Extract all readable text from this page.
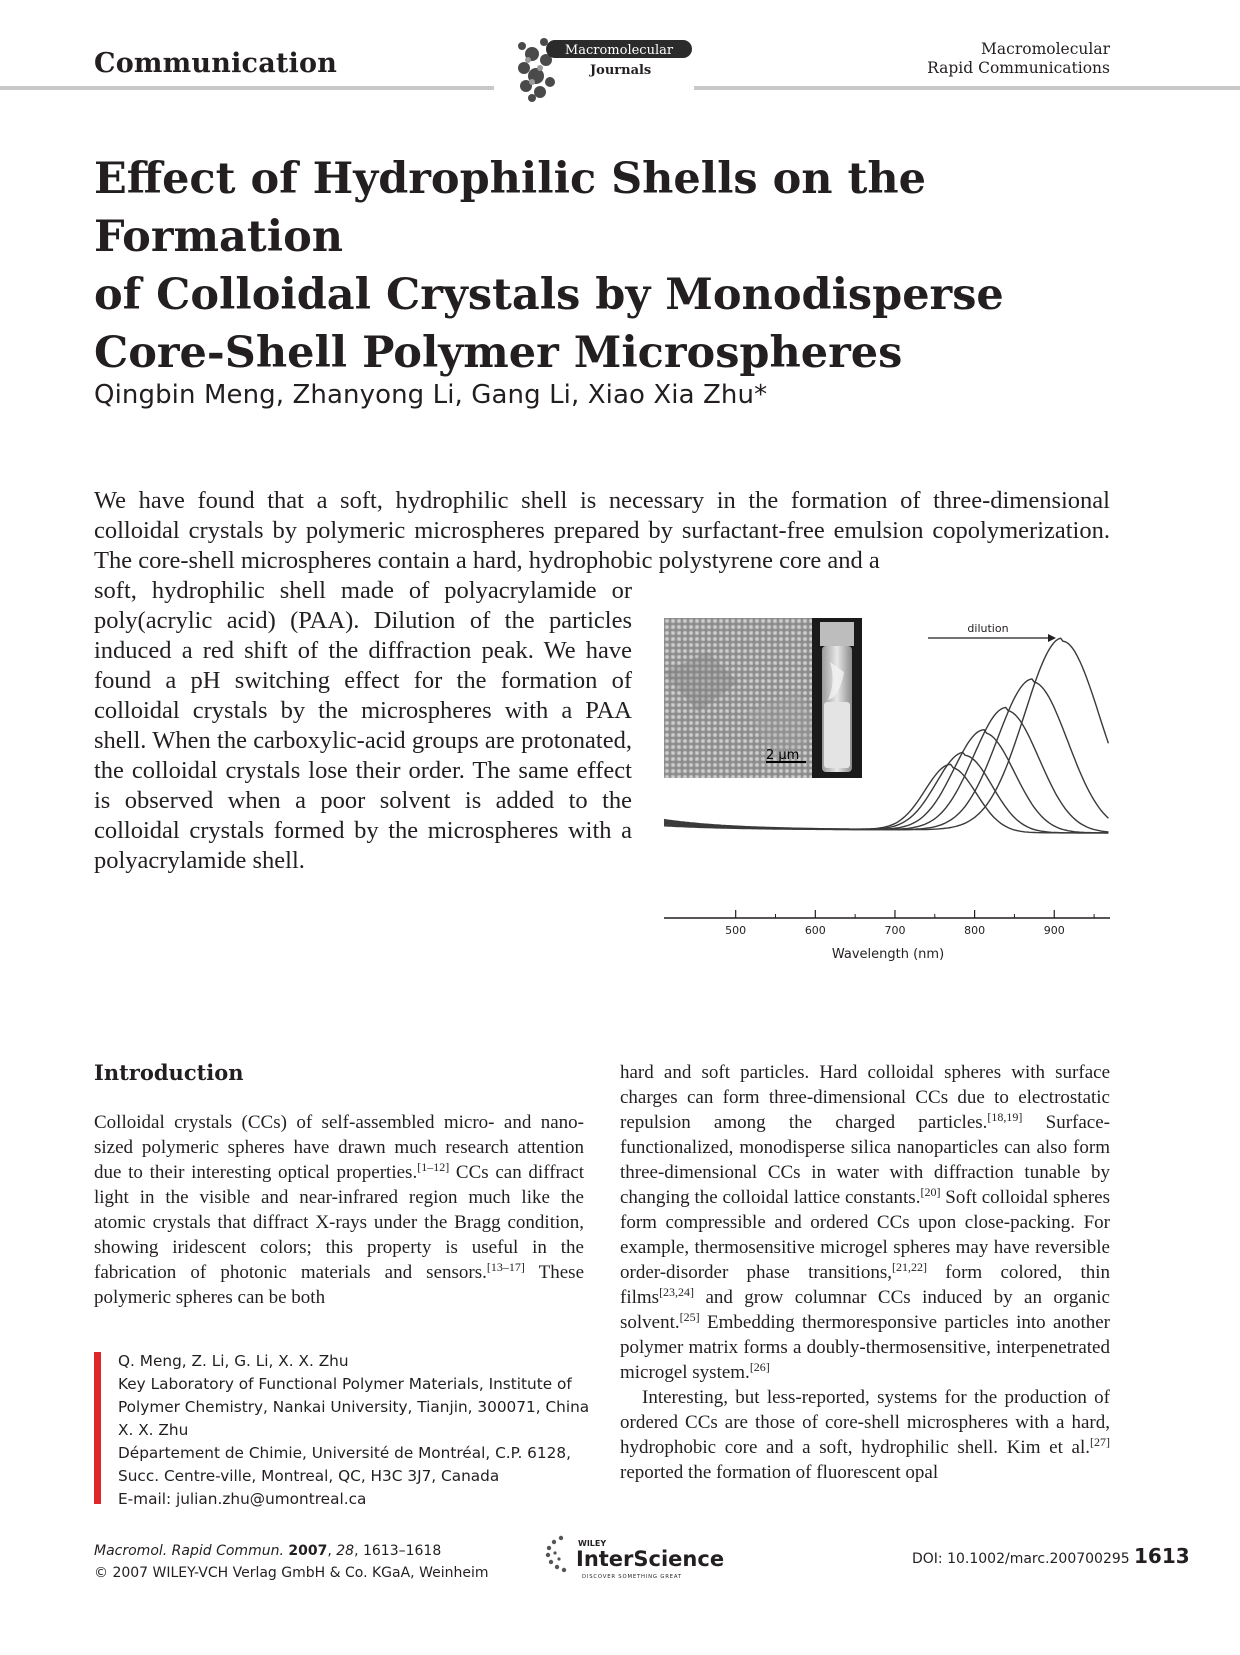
Communication	Macromolecular
Journals
Macromolecular
Rapid Communications
Effect of Hydrophilic Shells on the Formation
of Colloidal Crystals by Monodisperse
Core-Shell Polymer Microspheres
Qingbin Meng, Zhanyong Li, Gang Li, Xiao Xia Zhu*
We have found that a soft, hydrophilic shell is necessary in the formation of three-dimensional colloidal crystals by polymeric microspheres prepared by surfactant-free emulsion copolymerization. The core-shell microspheres contain a hard, hydrophobic polystyrene core and a
soft, hydrophilic shell made of polyacrylamide or poly(acrylic acid) (PAA). Dilution of the particles induced a red shift of the diffraction peak. We have found a pH switching effect for the formation of colloidal crystals by the microspheres with a PAA shell. When the carboxylic-acid groups are protonated, the colloidal crystals lose their order. The same effect is observed when a poor solvent is added to the colloidal crystals formed by the microspheres with a polyacrylamide shell.
2 μm
dilution
500	600	700	800	900
Wavelength (nm)
Introduction

Colloidal crystals (CCs) of self-assembled micro- and nano-sized polymeric spheres have drawn much research attention due to their interesting optical properties.[1–12] CCs can diffract light in the visible and near-infrared region much like the atomic crystals that diffract X-rays under the Bragg condition, showing iridescent colors; this property is useful in the fabrication of photonic materials and sensors.[13–17] These polymeric spheres can be both

hard and soft particles. Hard colloidal spheres with surface charges can form three-dimensional CCs due to electrostatic repulsion among the charged particles.[18,19] Surface-functionalized, monodisperse silica nanoparticles can also form three-dimensional CCs in water with diffraction tunable by changing the colloidal lattice constants.[20] Soft colloidal spheres form compressible and ordered CCs upon close-packing. For example, thermosensitive microgel spheres may have reversible order-disorder phase transitions,[21,22] form colored, thin films[23,24] and grow columnar CCs induced by an organic solvent.[25] Embedding thermoresponsive particles into another polymer matrix forms a doubly-thermosensitive, interpenetrated microgel system.[26]

Interesting, but less-reported, systems for the production of ordered CCs are those of core-shell microspheres with a hard, hydrophobic core and a soft, hydrophilic shell. Kim et al.[27] reported the formation of fluorescent opal

Q. Meng, Z. Li, G. Li, X. X. Zhu
Key Laboratory of Functional Polymer Materials, Institute of
Polymer Chemistry, Nankai University, Tianjin, 300071, China
X. X. Zhu
Département de Chimie, Université de Montréal, C.P. 6128,
Succ. Centre-ville, Montreal, QC, H3C 3J7, Canada
E-mail: julian.zhu@umontreal.ca
Macromol. Rapid Commun. 2007, 28, 1613–1618
© 2007 WILEY-VCH Verlag GmbH & Co. KGaA, Weinheim
WILEY
InterScience
DISCOVER SOMETHING GREAT
DOI: 10.1002/marc.200700295 1613
